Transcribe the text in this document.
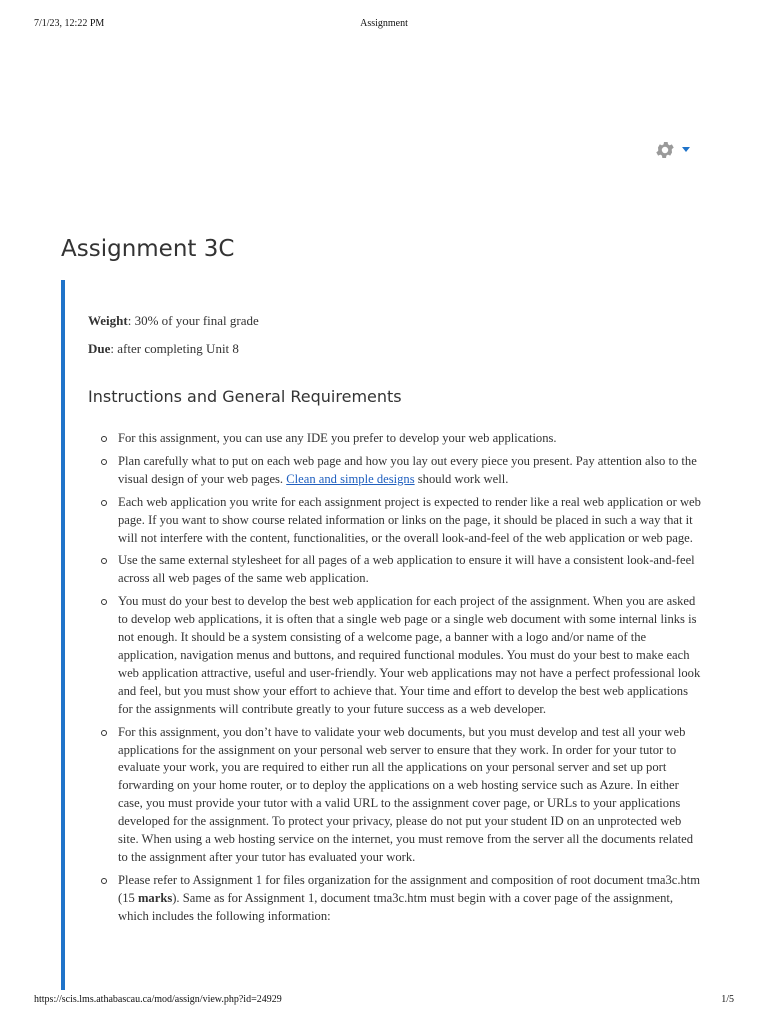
7/1/23, 12:22 PM	Assignment
Assignment 3C
Weight: 30% of your final grade
Due: after completing Unit 8
Instructions and General Requirements
For this assignment, you can use any IDE you prefer to develop your web applications.
Plan carefully what to put on each web page and how you lay out every piece you present. Pay attention also to the visual design of your web pages. Clean and simple designs should work well.
Each web application you write for each assignment project is expected to render like a real web application or web page. If you want to show course related information or links on the page, it should be placed in such a way that it will not interfere with the content, functionalities, or the overall look-and-feel of the web application or web page.
Use the same external stylesheet for all pages of a web application to ensure it will have a consistent look-and-feel across all web pages of the same web application.
You must do your best to develop the best web application for each project of the assignment. When you are asked to develop web applications, it is often that a single web page or a single web document with some internal links is not enough. It should be a system consisting of a welcome page, a banner with a logo and/or name of the application, navigation menus and buttons, and required functional modules. You must do your best to make each web application attractive, useful and user-friendly. Your web applications may not have a perfect professional look and feel, but you must show your effort to achieve that. Your time and effort to develop the best web applications for the assignments will contribute greatly to your future success as a web developer.
For this assignment, you don’t have to validate your web documents, but you must develop and test all your web applications for the assignment on your personal web server to ensure that they work. In order for your tutor to evaluate your work, you are required to either run all the applications on your personal server and set up port forwarding on your home router, or to deploy the applications on a web hosting service such as Azure. In either case, you must provide your tutor with a valid URL to the assignment cover page, or URLs to your applications developed for the assignment. To protect your privacy, please do not put your student ID on an unprotected web site. When using a web hosting service on the internet, you must remove from the server all the documents related to the assignment after your tutor has evaluated your work.
Please refer to Assignment 1 for files organization for the assignment and composition of root document tma3c.htm (15 marks). Same as for Assignment 1, document tma3c.htm must begin with a cover page of the assignment, which includes the following information:
https://scis.lms.athabascau.ca/mod/assign/view.php?id=24929	1/5
